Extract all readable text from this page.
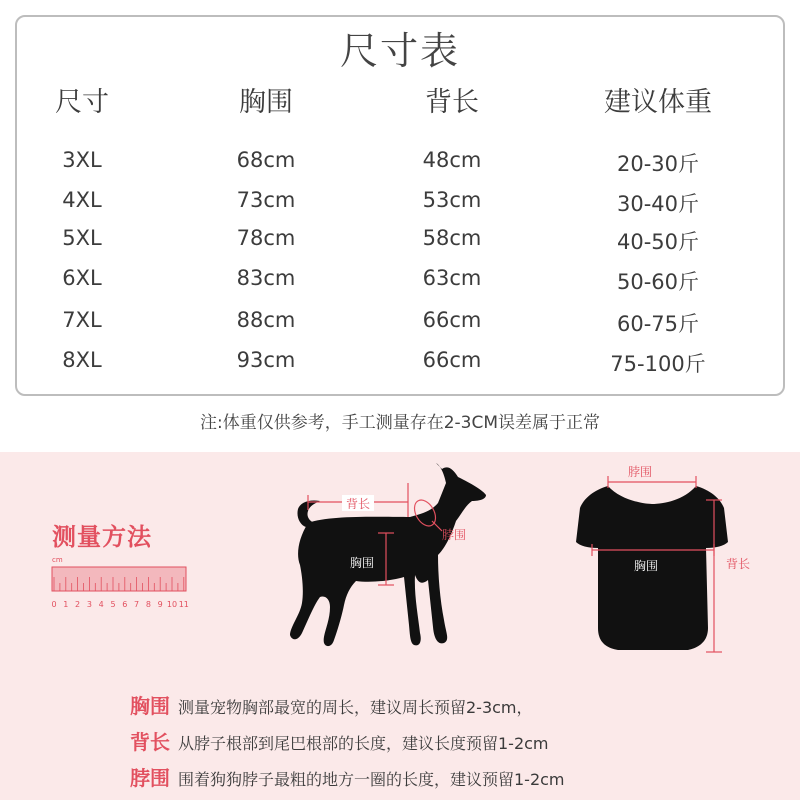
尺寸表
尺寸	胸围	背长	建议体重
3XL	68cm	48cm	20-30斤
4XL	73cm	53cm	30-40斤
5XL	78cm	58cm	40-50斤
6XL	83cm	63cm	50-60斤
7XL	88cm	66cm	60-75斤
8XL	93cm	66cm	75-100斤
注:体重仅供参考，手工测量存在2-3CM误差属于正常
测量方法
cm
0 1 2 3 4 5 6 7 8 9 10 11
背长
脖围
胸围
脖围
胸围	背长
胸围 测量宠物胸部最宽的周长，建议周长预留2-3cm，
背长 从脖子根部到尾巴根部的长度，建议长度预留1-2cm
脖围 围着狗狗脖子最粗的地方一圈的长度，建议预留1-2cm
